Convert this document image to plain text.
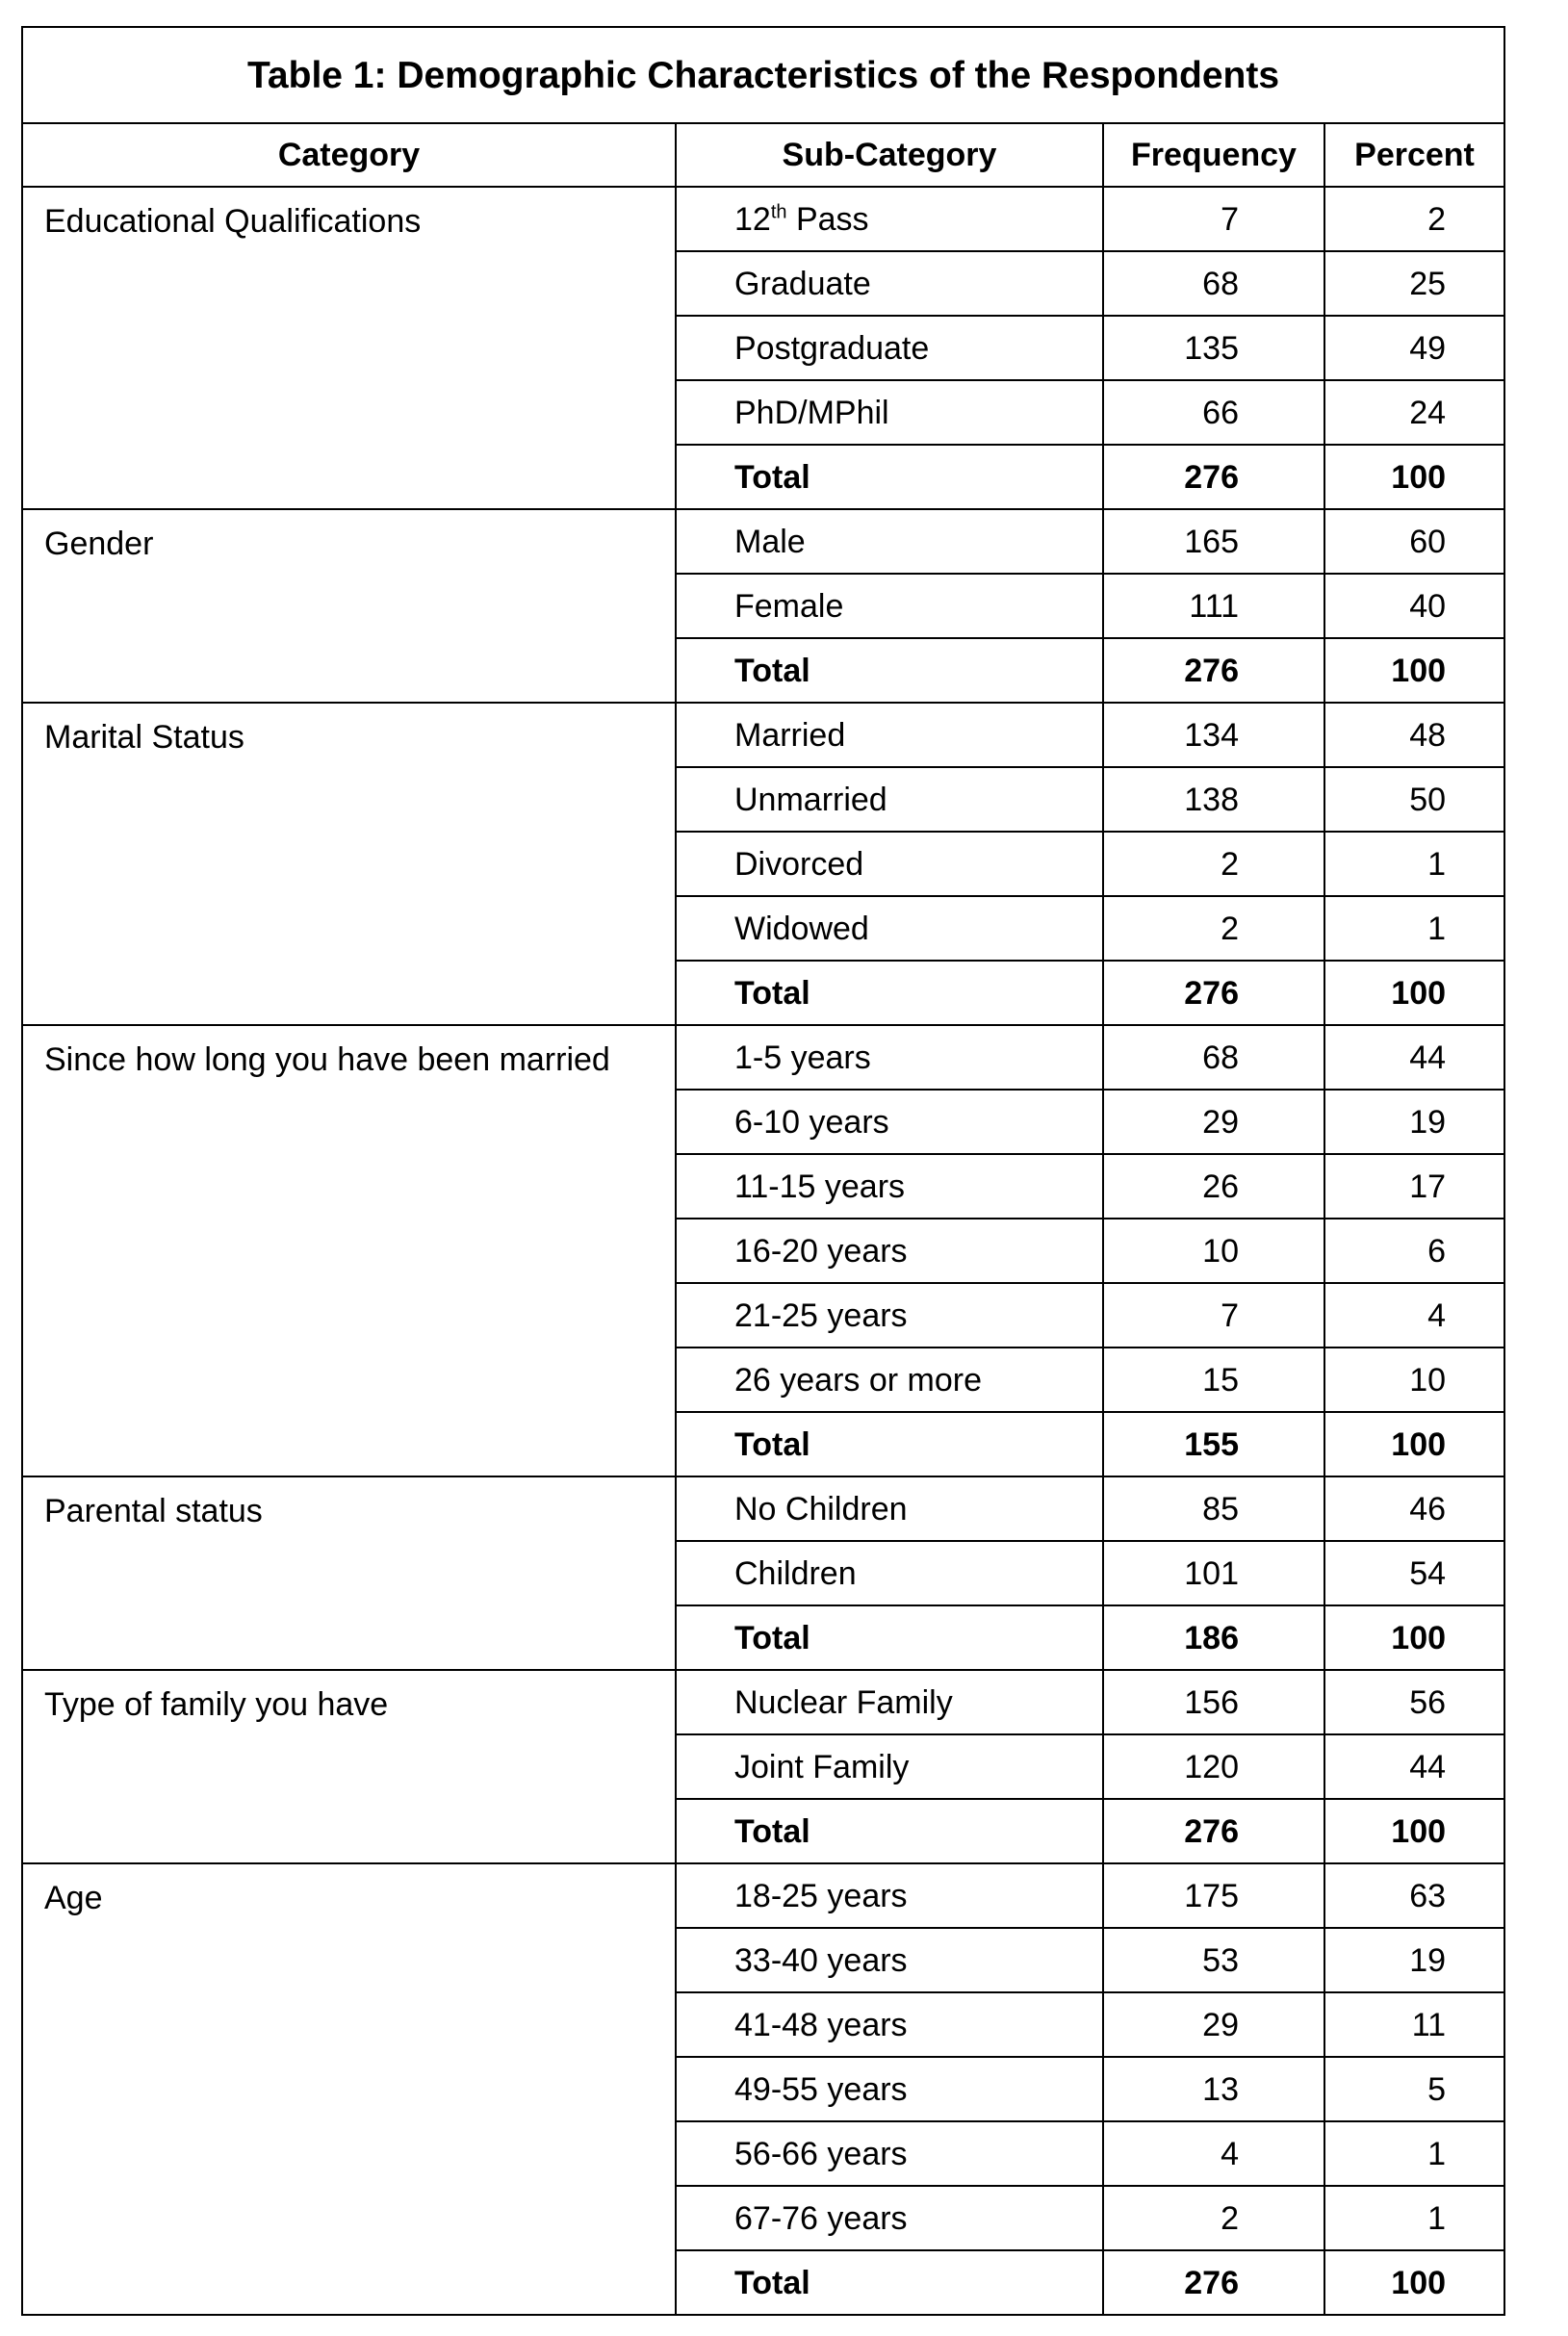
Table 1: Demographic Characteristics of the Respondents			
Category	Sub-Category	Frequency	Percent
Educational Qualifications	12th Pass	7	2
	Graduate	68	25
	Postgraduate	135	49
	PhD/MPhil	66	24
	Total	276	100
Gender	Male	165	60
	Female	111	40
	Total	276	100
Marital Status	Married	134	48
	Unmarried	138	50
	Divorced	2	1
	Widowed	2	1
	Total	276	100
Since how long you have been married	1-5 years	68	44
	6-10 years	29	19
	11-15 years	26	17
	16-20 years	10	6
	21-25 years	7	4
	26 years or more	15	10
	Total	155	100
Parental status	No Children	85	46
	Children	101	54
	Total	186	100
Type of family you have	Nuclear Family	156	56
	Joint Family	120	44
	Total	276	100
Age	18-25 years	175	63
	33-40 years	53	19
	41-48 years	29	11
	49-55 years	13	5
	56-66 years	4	1
	67-76 years	2	1
	Total	276	100
